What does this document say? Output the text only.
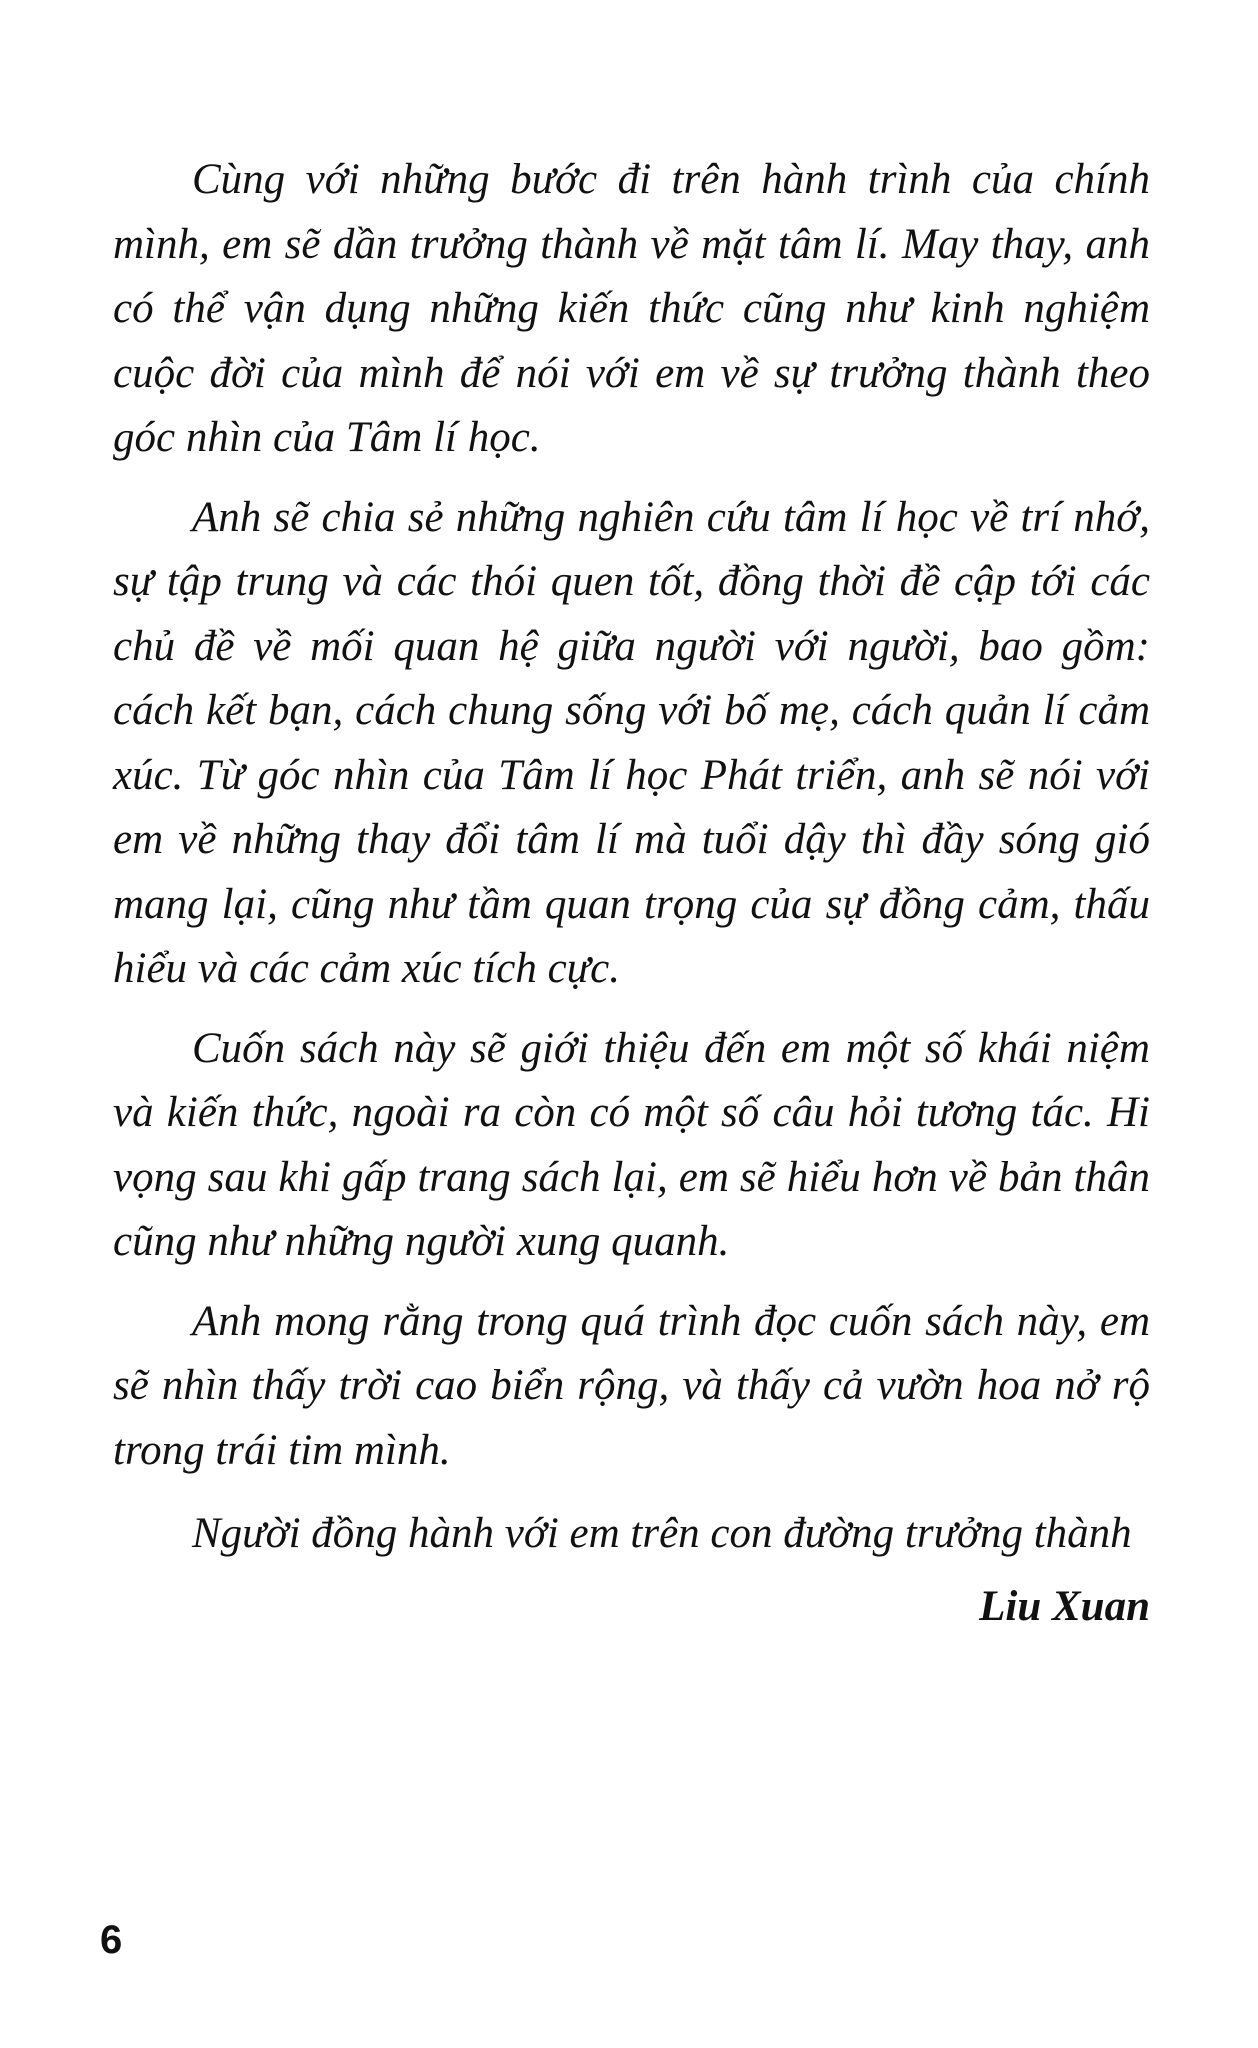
Cùng với những bước đi trên hành trình của chính mình, em sẽ dần trưởng thành về mặt tâm lí. May thay, anh có thể vận dụng những kiến thức cũng như kinh nghiệm cuộc đời của mình để nói với em về sự trưởng thành theo góc nhìn của Tâm lí học.

Anh sẽ chia sẻ những nghiên cứu tâm lí học về trí nhớ, sự tập trung và các thói quen tốt, đồng thời đề cập tới các chủ đề về mối quan hệ giữa người với người, bao gồm: cách kết bạn, cách chung sống với bố mẹ, cách quản lí cảm xúc. Từ góc nhìn của Tâm lí học Phát triển, anh sẽ nói với em về những thay đổi tâm lí mà tuổi dậy thì đầy sóng gió mang lại, cũng như tầm quan trọng của sự đồng cảm, thấu hiểu và các cảm xúc tích cực.

Cuốn sách này sẽ giới thiệu đến em một số khái niệm và kiến thức, ngoài ra còn có một số câu hỏi tương tác. Hi vọng sau khi gấp trang sách lại, em sẽ hiểu hơn về bản thân cũng như những người xung quanh.

Anh mong rằng trong quá trình đọc cuốn sách này, em sẽ nhìn thấy trời cao biển rộng, và thấy cả vườn hoa nở rộ trong trái tim mình.

Người đồng hành với em trên con đường trưởng thành

Liu Xuan

6
